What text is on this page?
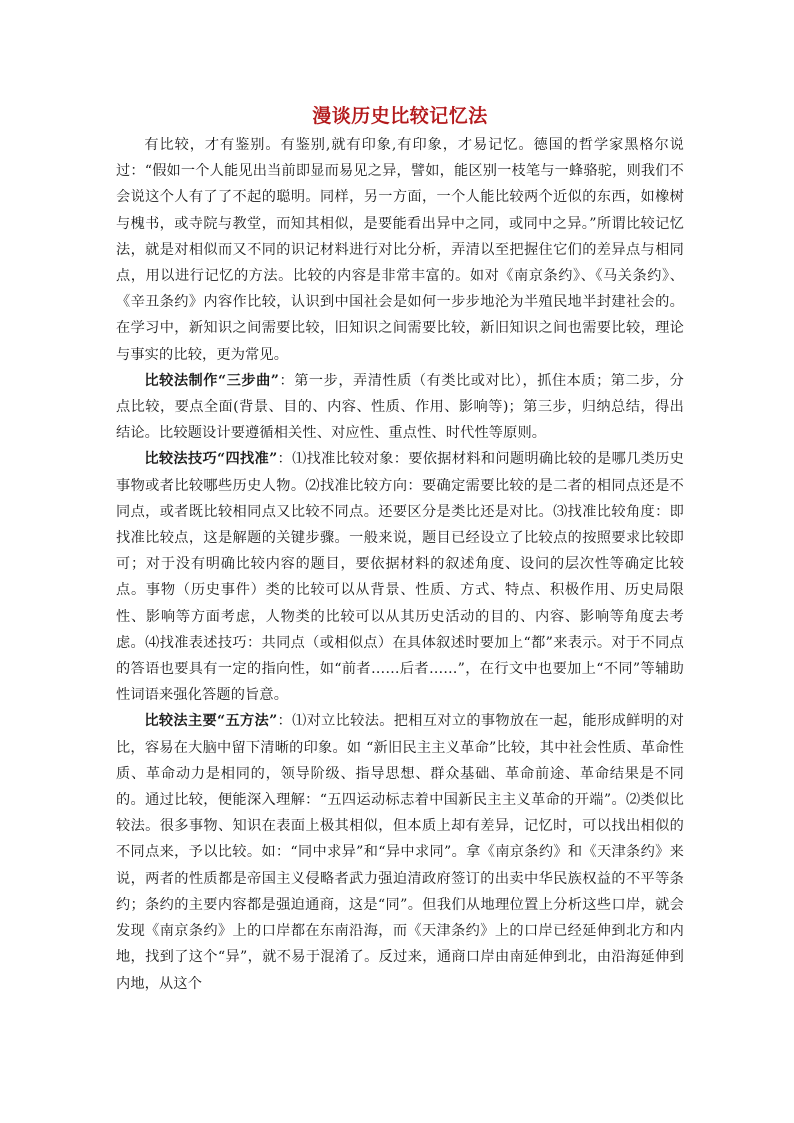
漫谈历史比较记忆法

有比较，才有鉴别。有鉴别,就有印象,有印象，才易记忆。德国的哲学家黑格尔说过：“假如一个人能见出当前即显而易见之异，譬如，能区别一枝笔与一蜂骆驼，则我们不会说这个人有了了不起的聪明。同样，另一方面，一个人能比较两个近似的东西，如橡树与槐书，或寺院与教堂，而知其相似，是要能看出异中之同，或同中之异。”所谓比较记忆法，就是对相似而又不同的识记材料进行对比分析，弄清以至把握住它们的差异点与相同点，用以进行记忆的方法。比较的内容是非常丰富的。如对《南京条约》、《马关条约》、《辛丑条约》内容作比较，认识到中国社会是如何一步步地沦为半殖民地半封建社会的。在学习中，新知识之间需要比较，旧知识之间需要比较，新旧知识之间也需要比较，理论与事实的比较，更为常见。

比较法制作“三步曲”：第一步，弄清性质（有类比或对比），抓住本质；第二步，分点比较，要点全面(背景、目的、内容、性质、作用、影响等)；第三步，归纳总结，得出结论。比较题设计要遵循相关性、对应性、重点性、时代性等原则。

比较法技巧“四找准”：⑴找准比较对象：要依据材料和问题明确比较的是哪几类历史事物或者比较哪些历史人物。⑵找准比较方向：要确定需要比较的是二者的相同点还是不同点，或者既比较相同点又比较不同点。还要区分是类比还是对比。⑶找准比较角度：即找准比较点，这是解题的关键步骤。一般来说，题目已经设立了比较点的按照要求比较即可；对于没有明确比较内容的题目，要依据材料的叙述角度、设问的层次性等确定比较点。事物（历史事件）类的比较可以从背景、性质、方式、特点、积极作用、历史局限性、影响等方面考虑，人物类的比较可以从其历史活动的目的、内容、影响等角度去考虑。⑷找准表述技巧：共同点（或相似点）在具体叙述时要加上“都”来表示。对于不同点的答语也要具有一定的指向性，如“前者……后者……”，在行文中也要加上“不同”等辅助性词语来强化答题的旨意。

比较法主要“五方法”：⑴对立比较法。把相互对立的事物放在一起，能形成鲜明的对比，容易在大脑中留下清晰的印象。如 “新旧民主主义革命”比较，其中社会性质、革命性质、革命动力是相同的，领导阶级、指导思想、群众基础、革命前途、革命结果是不同的。通过比较，便能深入理解：“五四运动标志着中国新民主主义革命的开端”。⑵类似比较法。很多事物、知识在表面上极其相似，但本质上却有差异，记忆时，可以找出相似的不同点来，予以比较。如：“同中求异”和“异中求同”。拿《南京条约》和《天津条约》来说，两者的性质都是帝国主义侵略者武力强迫清政府签订的出卖中华民族权益的不平等条约；条约的主要内容都是强迫通商，这是“同”。但我们从地理位置上分析这些口岸，就会发现《南京条约》上的口岸都在东南沿海，而《天津条约》上的口岸已经延伸到北方和内地，找到了这个“异”，就不易于混淆了。反过来，通商口岸由南延伸到北，由沿海延伸到内地，从这个
